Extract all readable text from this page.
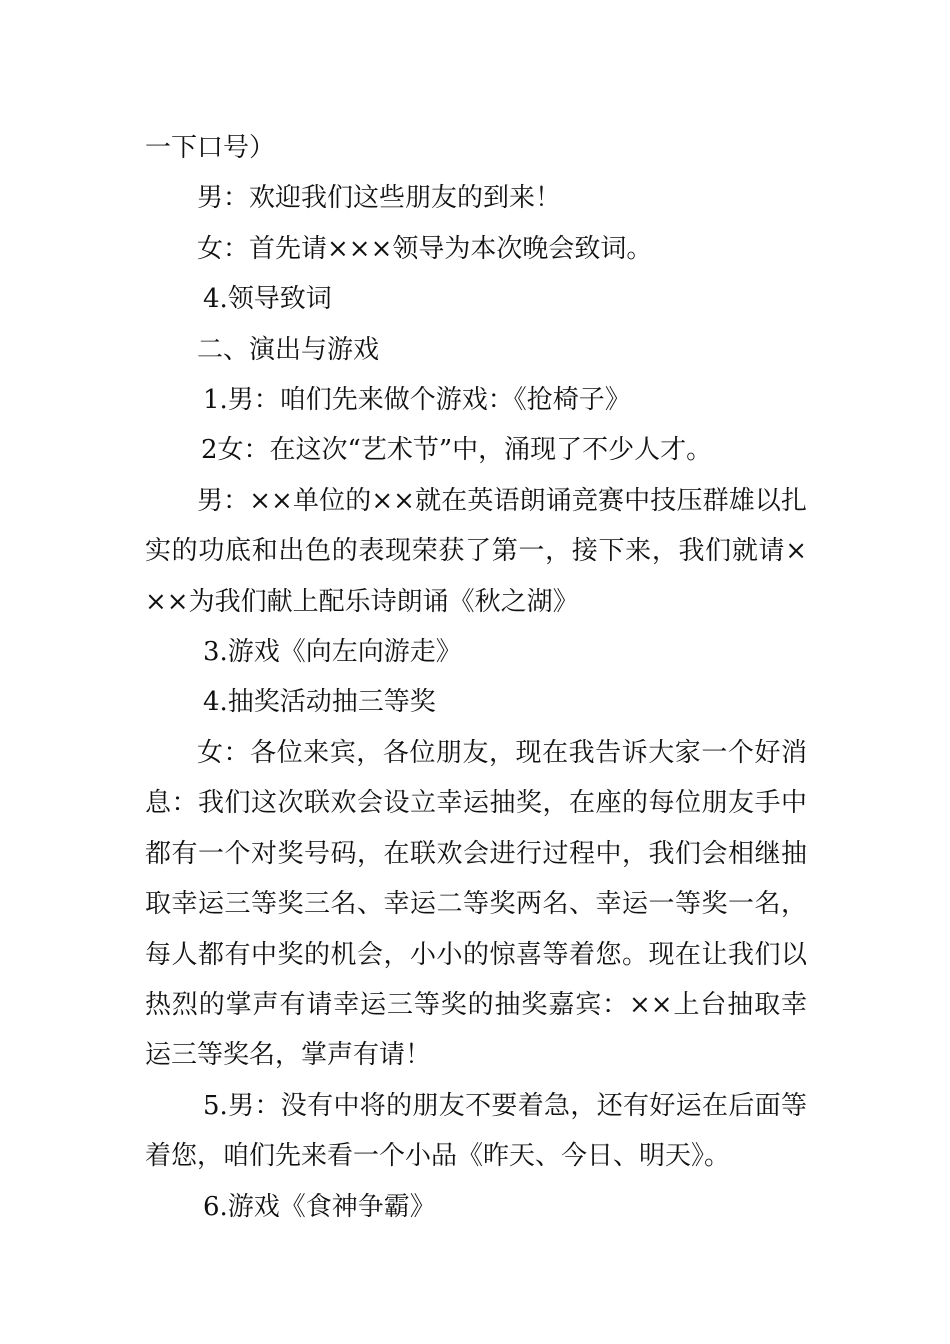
一下口号）

男：欢迎我们这些朋友的到来！

女：首先请×××领导为本次晚会致词。

4.领导致词

二、演出与游戏

1.男：咱们先来做个游戏：《抢椅子》

2女：在这次“艺术节”中，涌现了不少人才。

男：××单位的××就在英语朗诵竞赛中技压群雄以扎实的功底和出色的表现荣获了第一，接下来，我们就请×××为我们献上配乐诗朗诵《秋之湖》

3.游戏《向左向游走》

4.抽奖活动抽三等奖

女：各位来宾，各位朋友，现在我告诉大家一个好消息：我们这次联欢会设立幸运抽奖，在座的每位朋友手中都有一个对奖号码，在联欢会进行过程中，我们会相继抽取幸运三等奖三名、幸运二等奖两名、幸运一等奖一名，每人都有中奖的机会，小小的惊喜等着您。现在让我们以热烈的掌声有请幸运三等奖的抽奖嘉宾：××上台抽取幸运三等奖名，掌声有请！

5.男：没有中将的朋友不要着急，还有好运在后面等着您，咱们先来看一个小品《昨天、今日、明天》。

6.游戏《食神争霸》
